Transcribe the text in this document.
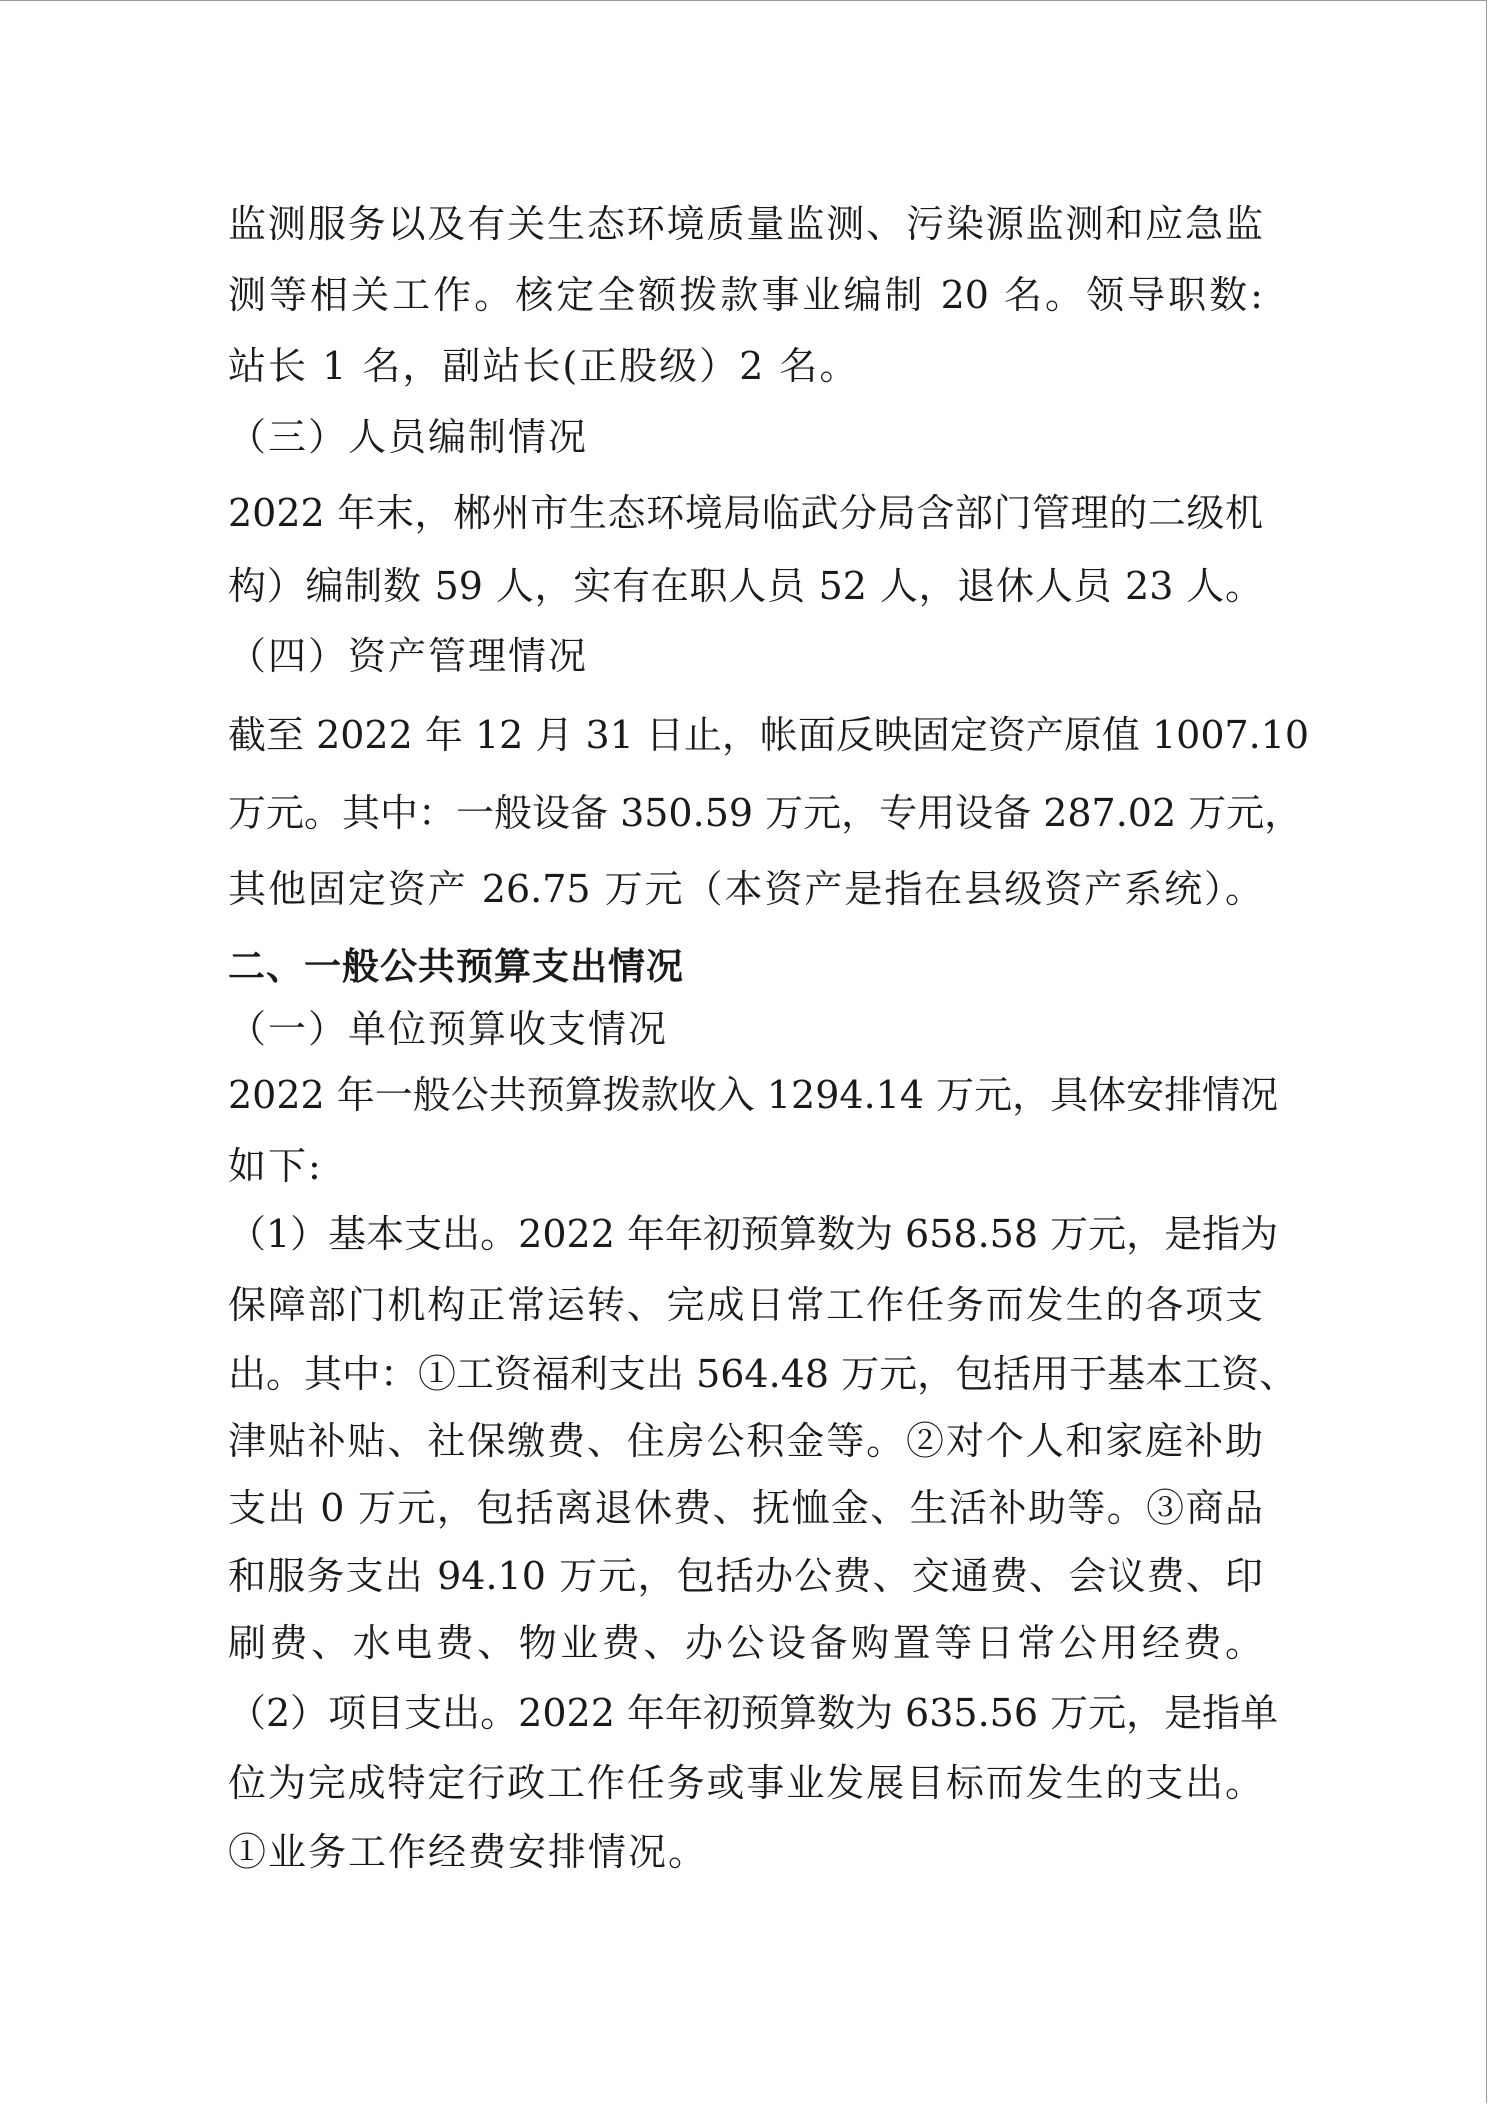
监测服务以及有关生态环境质量监测、污染源监测和应急监
测等相关工作。核定全额拨款事业编制 20 名。领导职数:
站长 1 名，副站长(正股级）2 名。
（三）人员编制情况
2022 年末，郴州市生态环境局临武分局含部门管理的二级机
构）编制数 59 人，实有在职人员 52 人，退休人员 23 人。
（四）资产管理情况
截至 2022 年 12 月 31 日止，帐面反映固定资产原值 1007.10
万元。其中：一般设备 350.59 万元，专用设备 287.02 万元，
其他固定资产 26.75 万元（本资产是指在县级资产系统）。
二、一般公共预算支出情况
（一）单位预算收支情况
2022 年一般公共预算拨款收入 1294.14 万元，具体安排情况
如下:
（1）基本支出。2022 年年初预算数为 658.58 万元，是指为
保障部门机构正常运转、完成日常工作任务而发生的各项支
出。其中：①工资福利支出 564.48 万元，包括用于基本工资、
津贴补贴、社保缴费、住房公积金等。②对个人和家庭补助
支出 0 万元，包括离退休费、抚恤金、生活补助等。③商品
和服务支出 94.10 万元，包括办公费、交通费、会议费、印
刷费、水电费、物业费、办公设备购置等日常公用经费。
（2）项目支出。2022 年年初预算数为 635.56 万元，是指单
位为完成特定行政工作任务或事业发展目标而发生的支出。
①业务工作经费安排情况。
